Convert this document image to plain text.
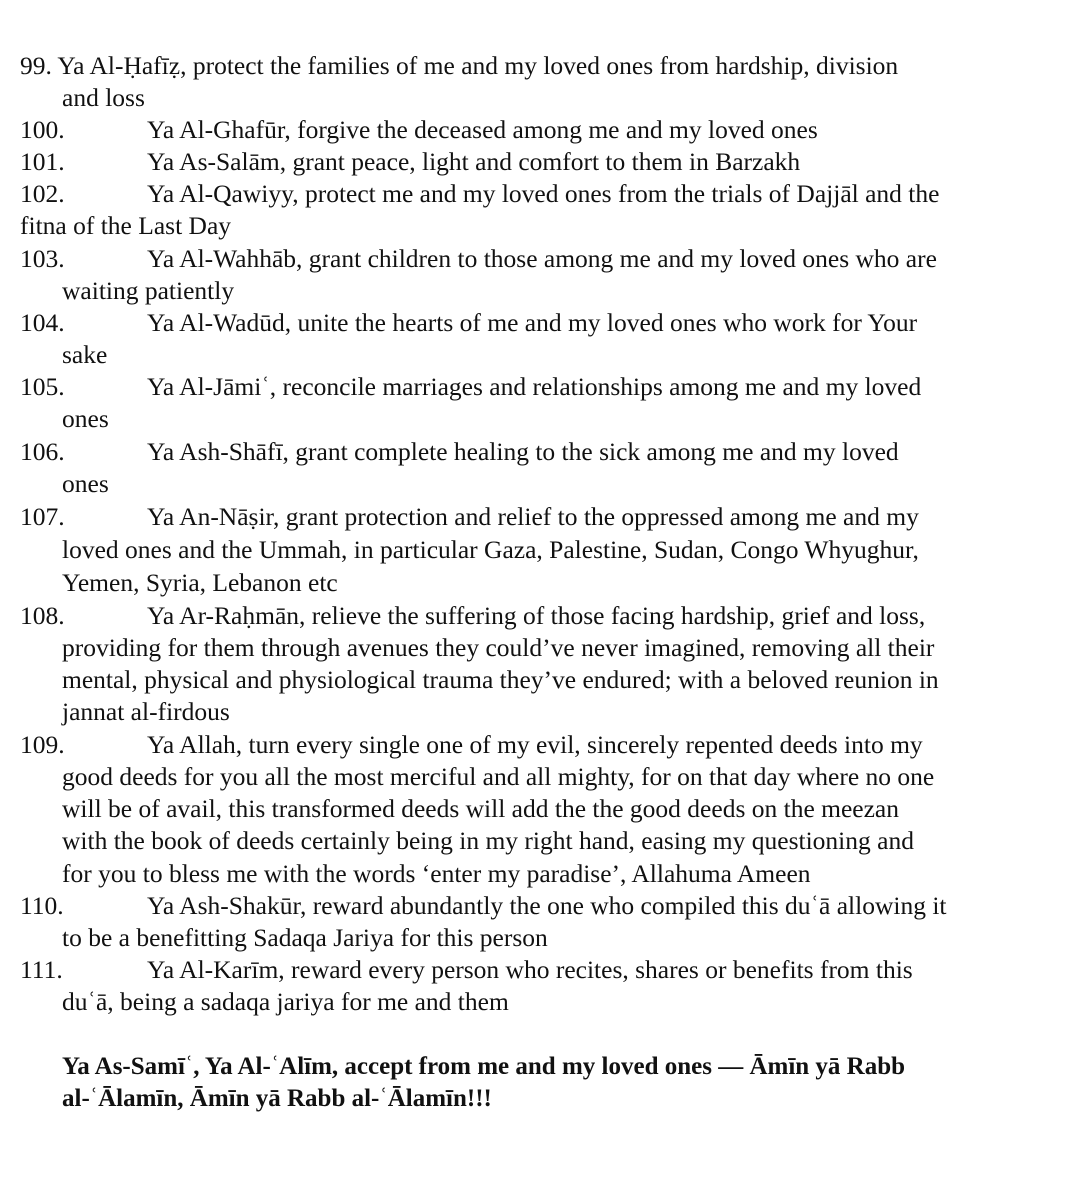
99. Ya Al-Ḥafīẓ, protect the families of me and my loved ones from hardship, division
and loss
100.	Ya Al-Ghafūr, forgive the deceased among me and my loved ones
101.	Ya As-Salām, grant peace, light and comfort to them in Barzakh
102.	Ya Al-Qawiyy, protect me and my loved ones from the trials of Dajjāl and the
fitna of the Last Day
103.	Ya Al-Wahhāb, grant children to those among me and my loved ones who are
waiting patiently
104.	Ya Al-Wadūd, unite the hearts of me and my loved ones who work for Your
sake
105.	Ya Al-Jāmiʿ, reconcile marriages and relationships among me and my loved
ones
106.	Ya Ash-Shāfī, grant complete healing to the sick among me and my loved
ones
107.	Ya An-Nāṣir, grant protection and relief to the oppressed among me and my
loved ones and the Ummah, in particular Gaza, Palestine, Sudan, Congo Whyughur,
Yemen, Syria, Lebanon etc
108.	Ya Ar-Raḥmān, relieve the suffering of those facing hardship, grief and loss,
providing for them through avenues they could’ve never imagined, removing all their
mental, physical and physiological trauma they’ve endured; with a beloved reunion in
jannat al-firdous
109.	Ya Allah, turn every single one of my evil, sincerely repented deeds into my
good deeds for you all the most merciful and all mighty, for on that day where no one
will be of avail, this transformed deeds will add the the good deeds on the meezan
with the book of deeds certainly being in my right hand, easing my questioning and
for you to bless me with the words ‘enter my paradise’, Allahuma Ameen
110.	Ya Ash-Shakūr, reward abundantly the one who compiled this duʿā allowing it
to be a benefitting Sadaqa Jariya for this person
111.	Ya Al-Karīm, reward every person who recites, shares or benefits from this
duʿā, being a sadaqa jariya for me and them
Ya As-Samīʿ, Ya Al-ʿAlīm, accept from me and my loved ones — Āmīn yā Rabb
al-ʿĀlamīn, Āmīn yā Rabb al-ʿĀlamīn!!!
